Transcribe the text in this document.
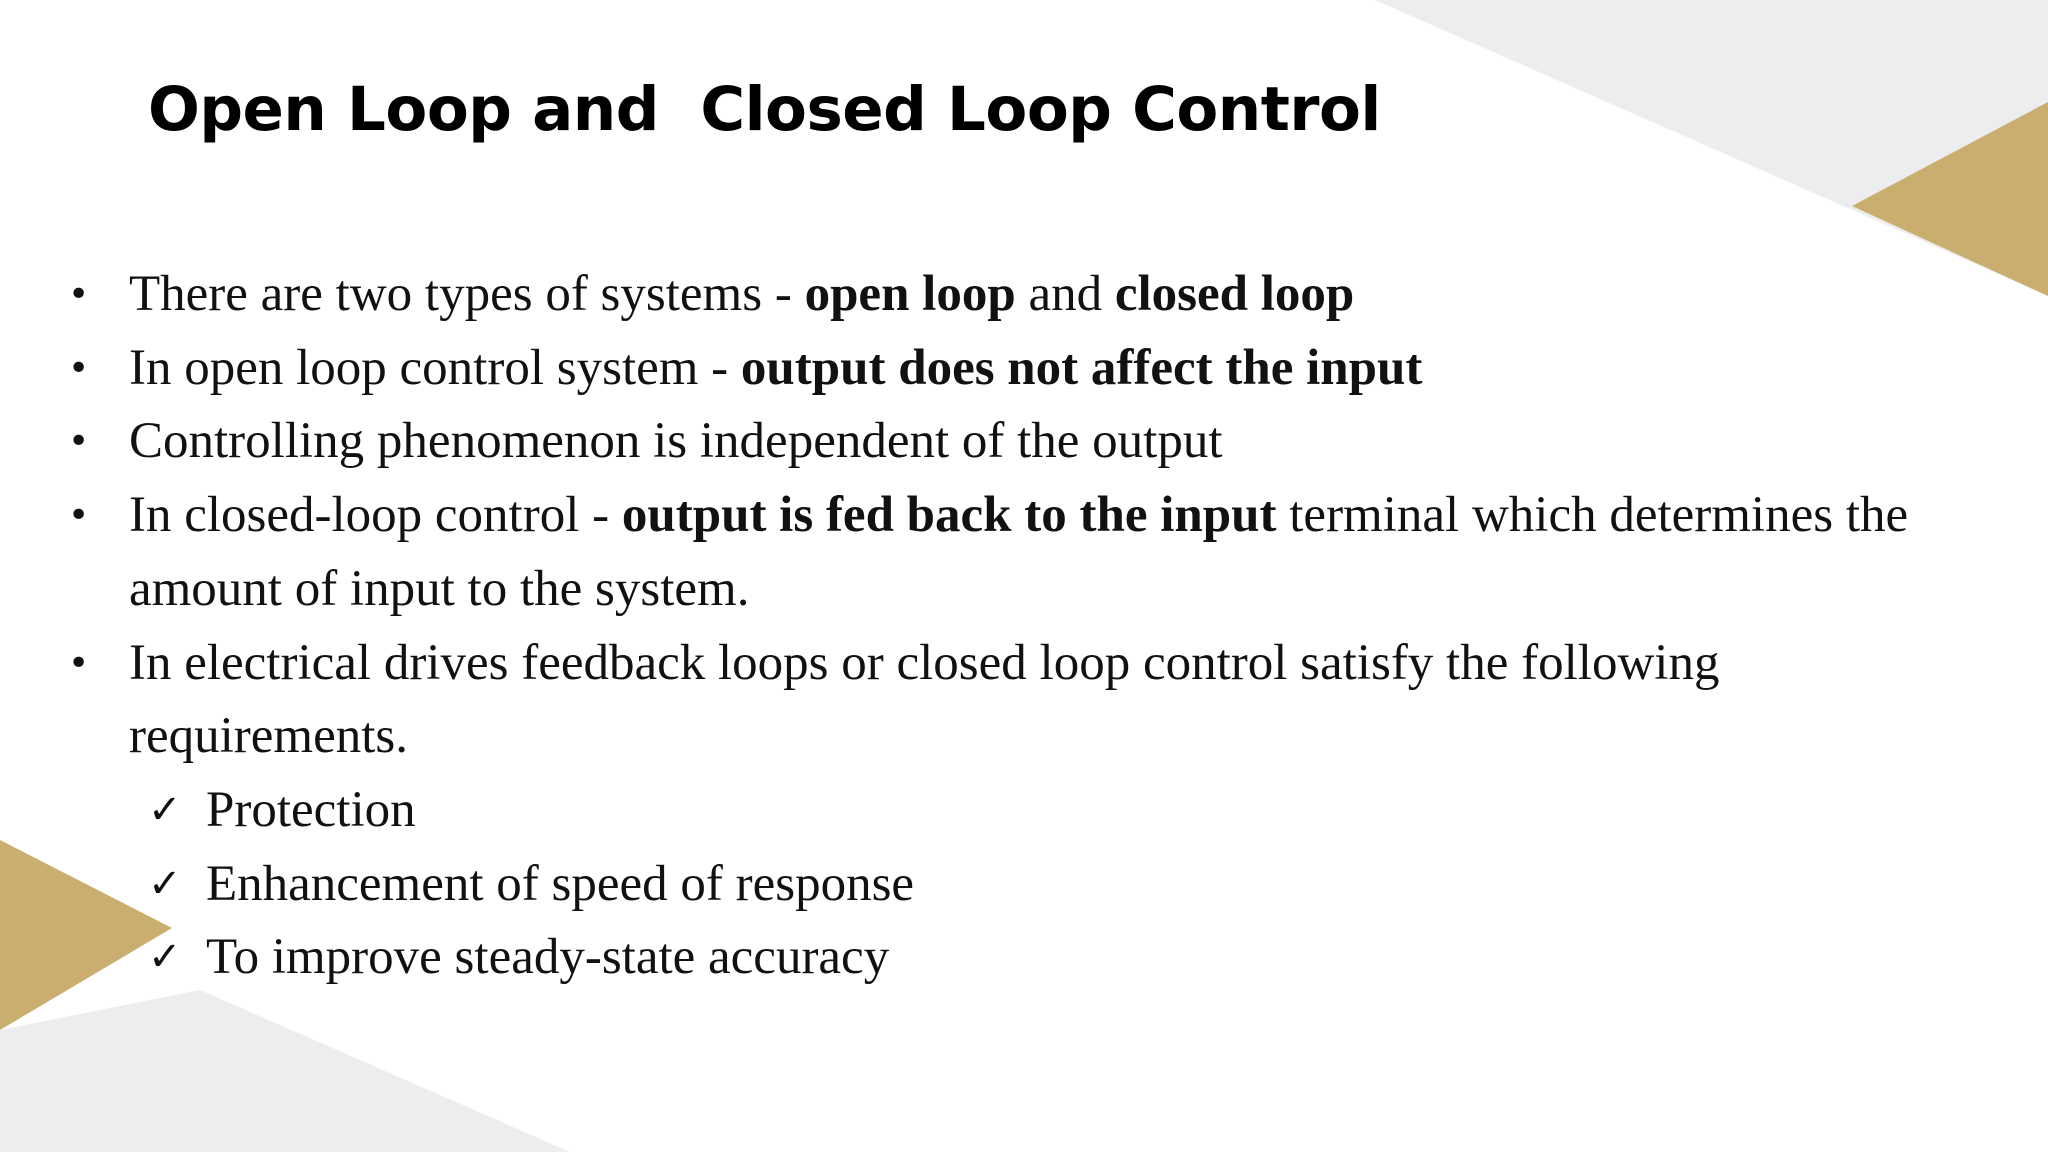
Open Loop and  Closed Loop Control
• There are two types of systems - open loop and closed loop
• In open loop control system - output does not affect the input
• Controlling phenomenon is independent of the output
• In closed-loop control - output is fed back to the input terminal which determines the amount of input to the system.
• In electrical drives feedback loops or closed loop control satisfy the following requirements.
✓ Protection
✓ Enhancement of speed of response
✓ To improve steady-state accuracy
